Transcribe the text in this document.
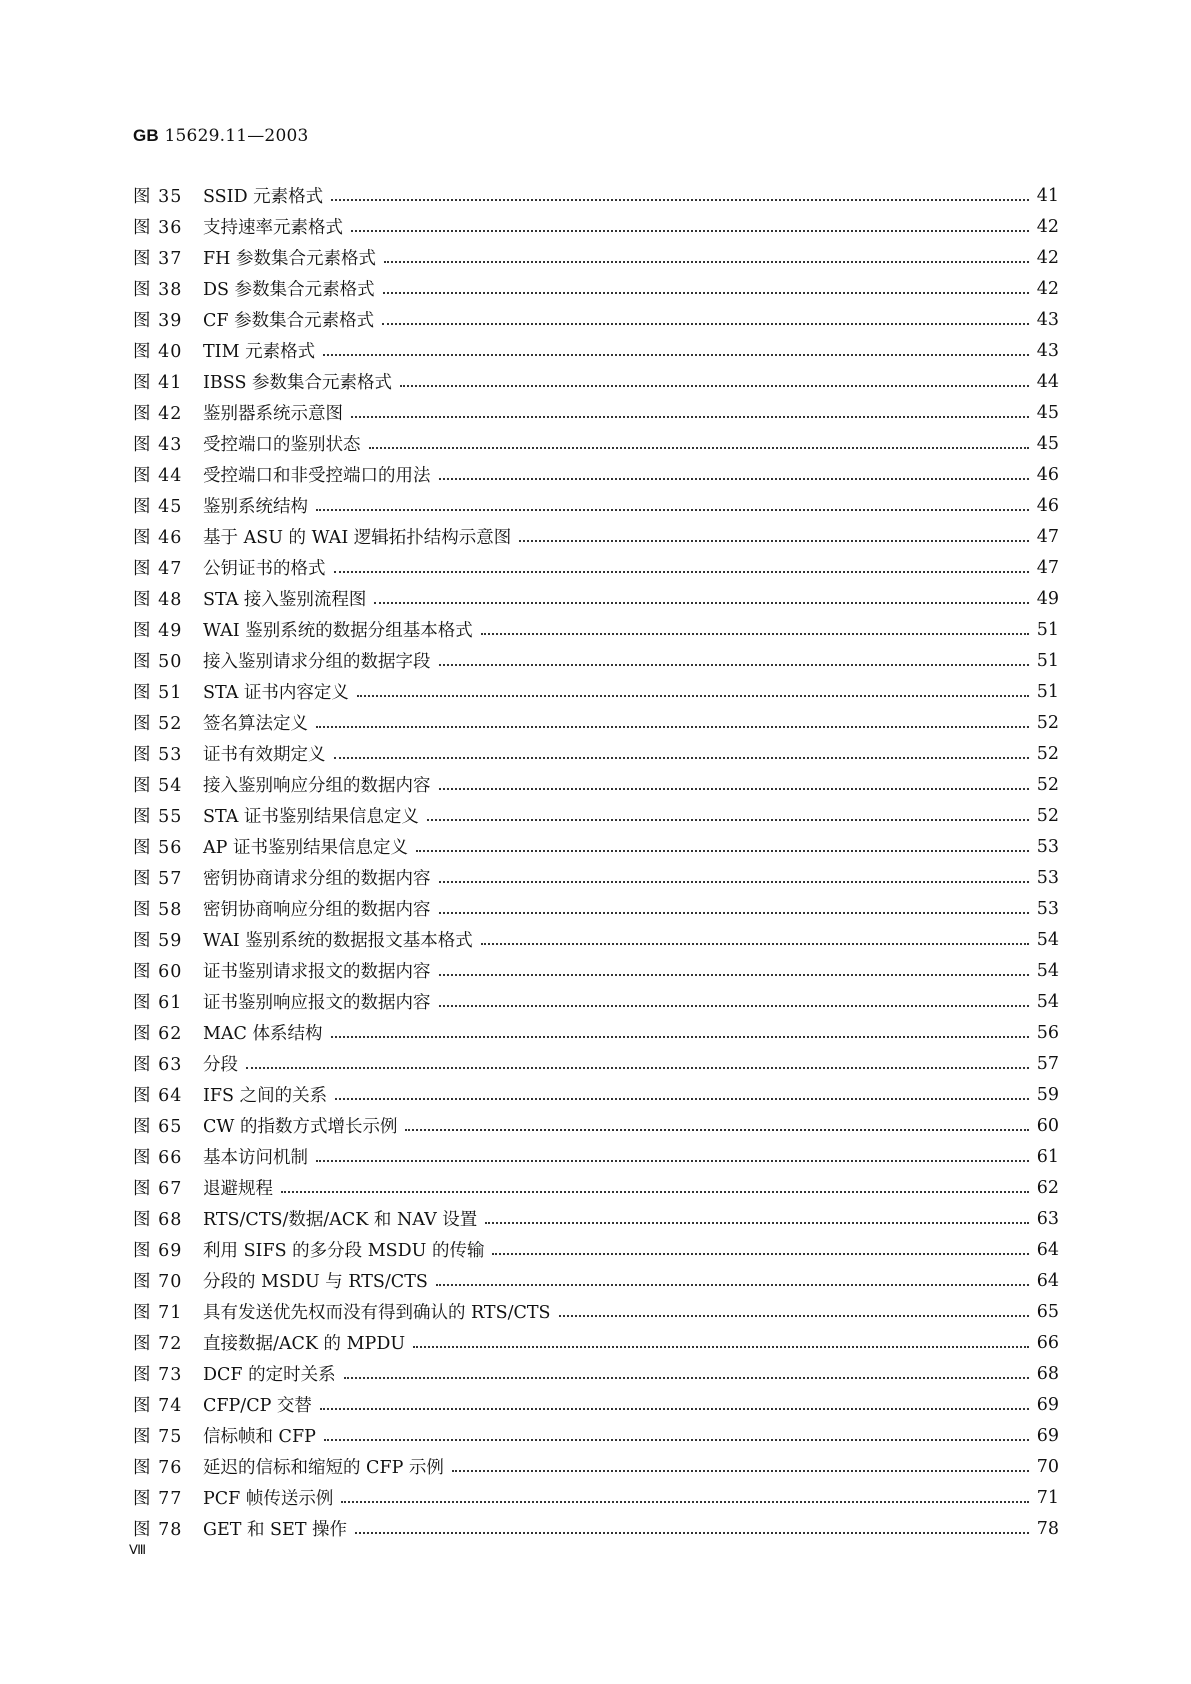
GB 15629.11—2003
图 35	SSID 元素格式	41
图 36	支持速率元素格式	42
图 37	FH 参数集合元素格式	42
图 38	DS 参数集合元素格式	42
图 39	CF 参数集合元素格式	43
图 40	TIM 元素格式	43
图 41	IBSS 参数集合元素格式	44
图 42	鉴别器系统示意图	45
图 43	受控端口的鉴别状态	45
图 44	受控端口和非受控端口的用法	46
图 45	鉴别系统结构	46
图 46	基于 ASU 的 WAI 逻辑拓扑结构示意图	47
图 47	公钥证书的格式	47
图 48	STA 接入鉴别流程图	49
图 49	WAI 鉴别系统的数据分组基本格式	51
图 50	接入鉴别请求分组的数据字段	51
图 51	STA 证书内容定义	51
图 52	签名算法定义	52
图 53	证书有效期定义	52
图 54	接入鉴别响应分组的数据内容	52
图 55	STA 证书鉴别结果信息定义	52
图 56	AP 证书鉴别结果信息定义	53
图 57	密钥协商请求分组的数据内容	53
图 58	密钥协商响应分组的数据内容	53
图 59	WAI 鉴别系统的数据报文基本格式	54
图 60	证书鉴别请求报文的数据内容	54
图 61	证书鉴别响应报文的数据内容	54
图 62	MAC 体系结构	56
图 63	分段	57
图 64	IFS 之间的关系	59
图 65	CW 的指数方式增长示例	60
图 66	基本访问机制	61
图 67	退避规程	62
图 68	RTS/CTS/数据/ACK 和 NAV 设置	63
图 69	利用 SIFS 的多分段 MSDU 的传输	64
图 70	分段的 MSDU 与 RTS/CTS	64
图 71	具有发送优先权而没有得到确认的 RTS/CTS	65
图 72	直接数据/ACK 的 MPDU	66
图 73	DCF 的定时关系	68
图 74	CFP/CP 交替	69
图 75	信标帧和 CFP	69
图 76	延迟的信标和缩短的 CFP 示例	70
图 77	PCF 帧传送示例	71
图 78	GET 和 SET 操作	78
Ⅷ
